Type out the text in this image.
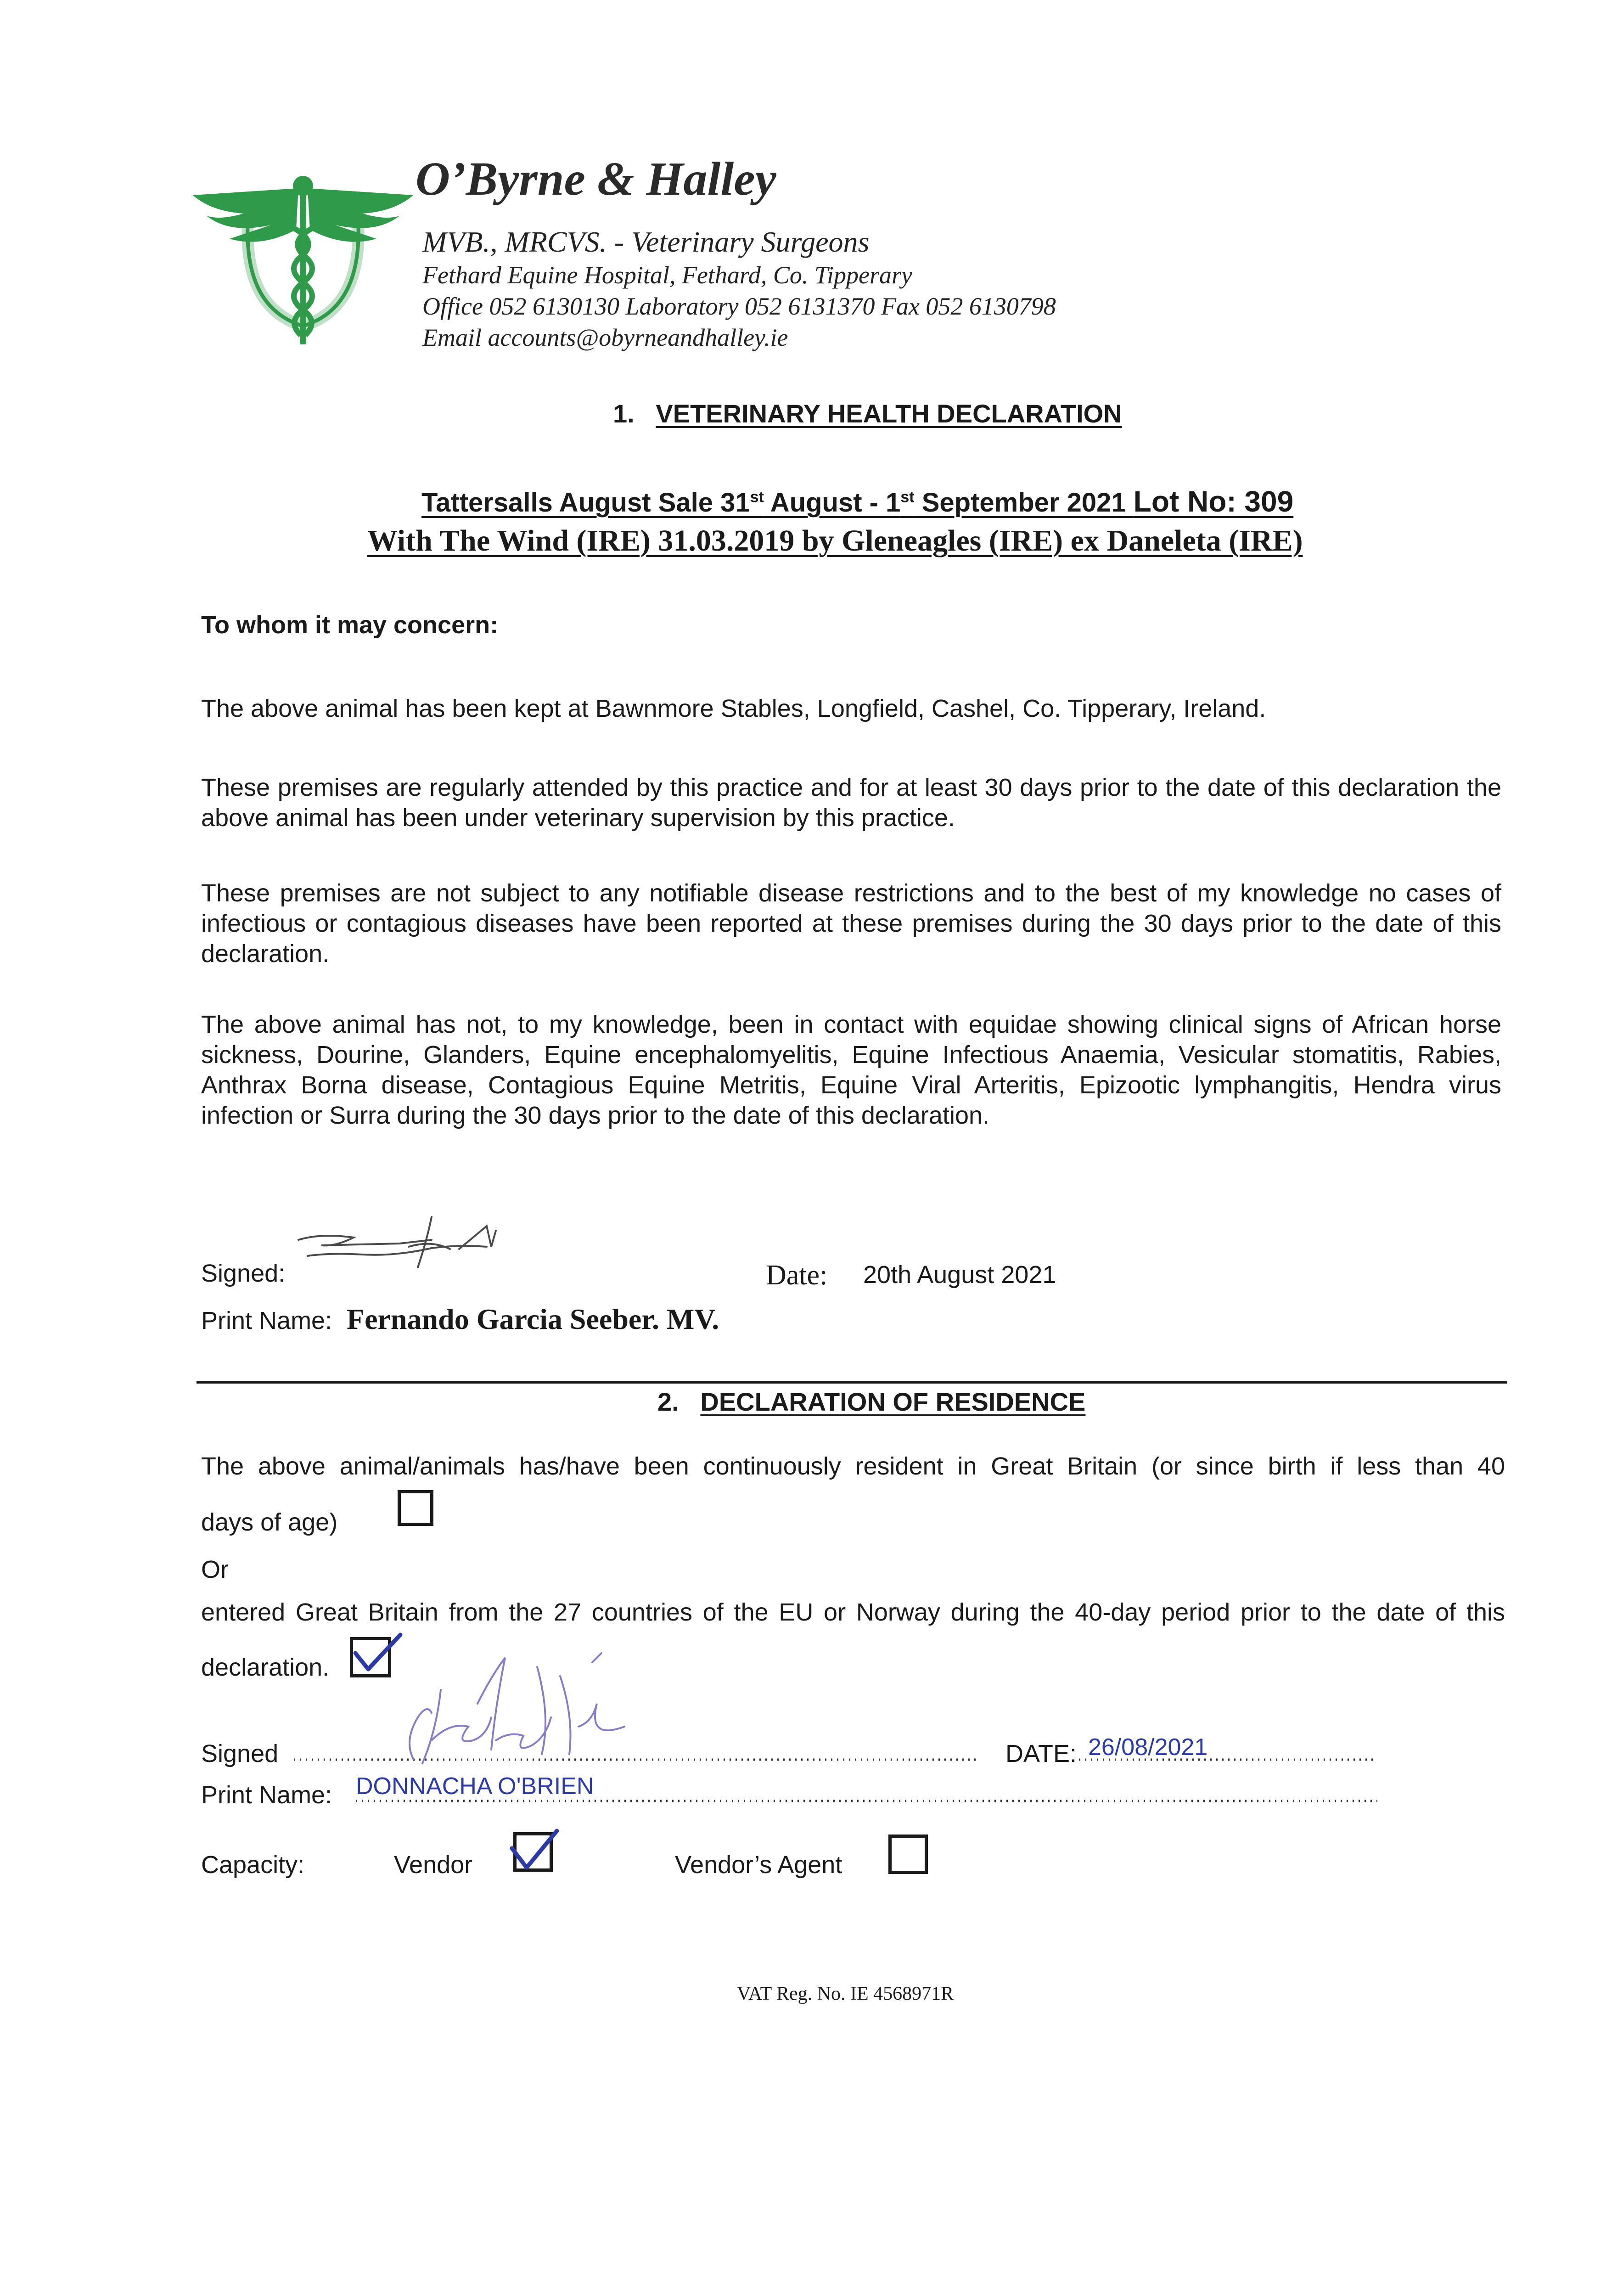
O’Byrne & Halley
MVB., MRCVS. - Veterinary Surgeons
Fethard Equine Hospital, Fethard, Co. Tipperary
Office 052 6130130 Laboratory 052 6131370 Fax 052 6130798
Email accounts@obyrneandhalley.ie
1. VETERINARY HEALTH DECLARATION
Tattersalls August Sale 31st August - 1st September 2021 Lot No: 309
With The Wind (IRE) 31.03.2019 by Gleneagles (IRE) ex Daneleta (IRE)
To whom it may concern:
The above animal has been kept at Bawnmore Stables, Longfield, Cashel, Co. Tipperary, Ireland.
These premises are regularly attended by this practice and for at least 30 days prior to the date of this declaration the above animal has been under veterinary supervision by this practice.
These premises are not subject to any notifiable disease restrictions and to the best of my knowledge no cases of infectious or contagious diseases have been reported at these premises during the 30 days prior to the date of this declaration.
The above animal has not, to my knowledge, been in contact with equidae showing clinical signs of African horse sickness, Dourine, Glanders, Equine encephalomyelitis, Equine Infectious Anaemia, Vesicular stomatitis, Rabies, Anthrax Borna disease, Contagious Equine Metritis, Equine Viral Arteritis, Epizootic lymphangitis, Hendra virus infection or Surra during the 30 days prior to the date of this declaration.
Signed:	Date: 20th August 2021
Print Name: Fernando Garcia Seeber. MV.
2. DECLARATION OF RESIDENCE
The above animal/animals has/have been continuously resident in Great Britain (or since birth if less than 40
days of age)
Or
entered Great Britain from the 27 countries of the EU or Norway during the 40-day period prior to the date of this
declaration.
Signed	DATE: 26/08/2021
Print Name: DONNACHA O'BRIEN
Capacity:	Vendor	Vendor’s Agent
VAT Reg. No. IE 4568971R
